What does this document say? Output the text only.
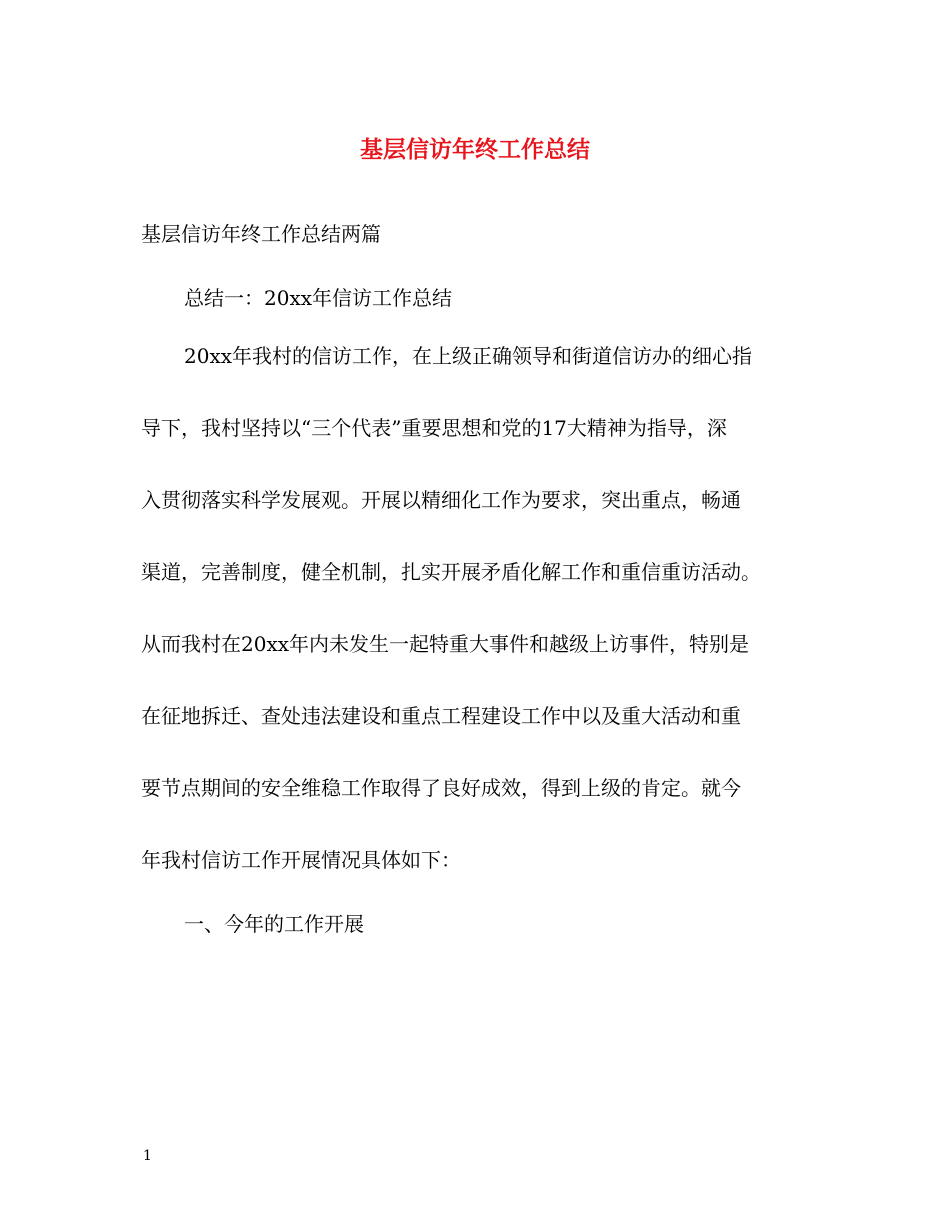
基层信访年终工作总结
基层信访年终工作总结两篇
总结一：20xx年信访工作总结
20xx年我村的信访工作，在上级正确领导和街道信访办的细心指
导下，我村坚持以“三个代表”重要思想和党的17大精神为指导，深
入贯彻落实科学发展观。开展以精细化工作为要求，突出重点，畅通
渠道，完善制度，健全机制，扎实开展矛盾化解工作和重信重访活动。
从而我村在20xx年内未发生一起特重大事件和越级上访事件，特别是
在征地拆迁、查处违法建设和重点工程建设工作中以及重大活动和重
要节点期间的安全维稳工作取得了良好成效，得到上级的肯定。就今
年我村信访工作开展情况具体如下：
一、今年的工作开展
1
